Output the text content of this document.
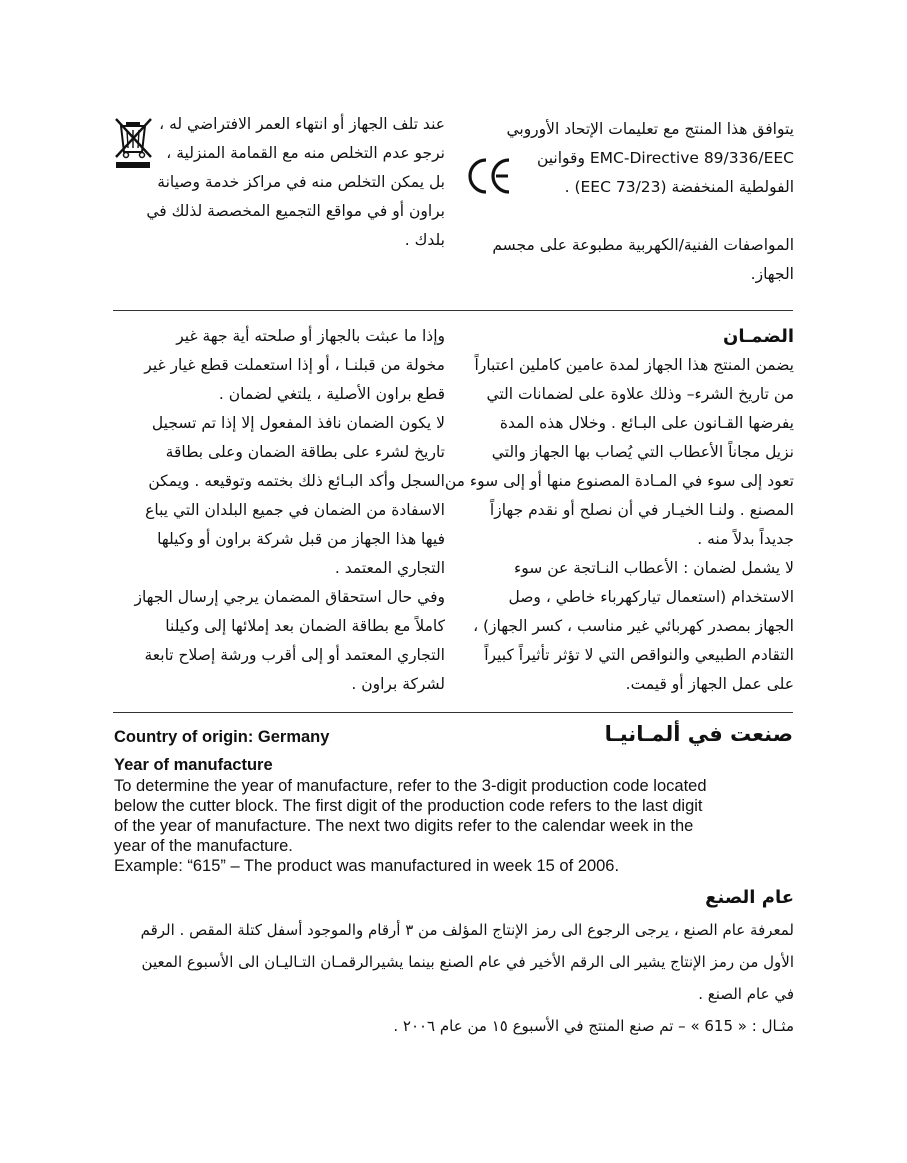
يتوافق هذا المنتج مع تعليمات الإتحاد الأوروبي

EMC-Directive 89/336/EEC وقوانين

الفولطية المنخفضة (73/23 EEC) .

المواصفات الفنية/الكهربية مطبوعة على مجسم

الجهاز.

عند تلف الجهاز أو انتهاء العمر الافتراضي له ،

نرجو عدم التخلص منه مع القمامة المنزلية ،

بل يمكن التخلص منه في مراكز خدمة وصيانة

براون أو في مواقع التجميع المخصصة لذلك في

بلدك .

الضمـان

يضمن المنتج هذا الجهاز لمدة عامين كاملين اعتباراً

من تاريخ الشرء– وذلك علاوة على لضمانات التي

يفرضها القـانون على البـائع . وخلال هذه المدة

نزيل مجاناً الأعطاب التي يُصاب بها الجهاز والتي

تعود إلى سوء في المـادة المصنوع منها أو إلى سوء من

المصنع . ولنـا الخيـار في أن نصلح أو نقدم جهازاً

جديداً بدلاً منه .

لا يشمل لضمان : الأعطاب النـاتجة عن سوء

الاستخدام (استعمال تياركهرباء خاطي ، وصل

الجهاز بمصدر كهربائي غير مناسب ، كسر الجهاز) ،

التقادم الطبيعي والنواقص التي لا تؤثر تأثيراً كبيراً

على عمل الجهاز أو قيمت.

وإذا ما عبثت بالجهاز أو صلحته أية جهة غير

مخولة من قبلنـا ، أو إذا استعملت قطع غيار غير

قطع براون الأصلية ، يلتغي لضمان .

لا يكون الضمان نافذ المفعول إلا إذا تم تسجيل

تاريخ لشرء على بطاقة الضمان وعلى بطاقة

السجل وأكد البـائع ذلك بختمه وتوقيعه . ويمكن

الاسفادة من الضمان في جميع البلدان التي يباع

فيها هذا الجهاز من قبل شركة براون أو وكيلها

التجاري المعتمد .

وفي حال استحقاق المضمان يرجي إرسال الجهاز

كاملاً مع بطاقة الضمان بعد إملائها إلى وكيلنا

التجاري المعتمد أو إلى أقرب ورشة إصلاح تابعة

لشركة براون .

Country of origin: Germany	صنعت في ألمـانيـا
Year of manufacture
To determine the year of manufacture, refer to the 3-digit production code located
below the cutter block. The first digit of the production code refers to the last digit
of the year of manufacture. The next two digits refer to the calendar week in the
year of the manufacture.
Example: “615” – The product was manufactured in week 15 of 2006.

عام الصنع

لمعرفة عام الصنع ، يرجى الرجوع الى رمز الإنتاج المؤلف من ٣ أرقام والموجود أسفل كتلة المقص . الرقم

الأول من رمز الإنتاج يشير الى الرقم الأخير في عام الصنع بينما يشيرالرقمـان التـاليـان الى الأسبوع المعين

في عام الصنع .

مثـال : « 615 » – تم صنع المنتج في الأسبوع ١٥ من عام ٢٠٠٦ .
